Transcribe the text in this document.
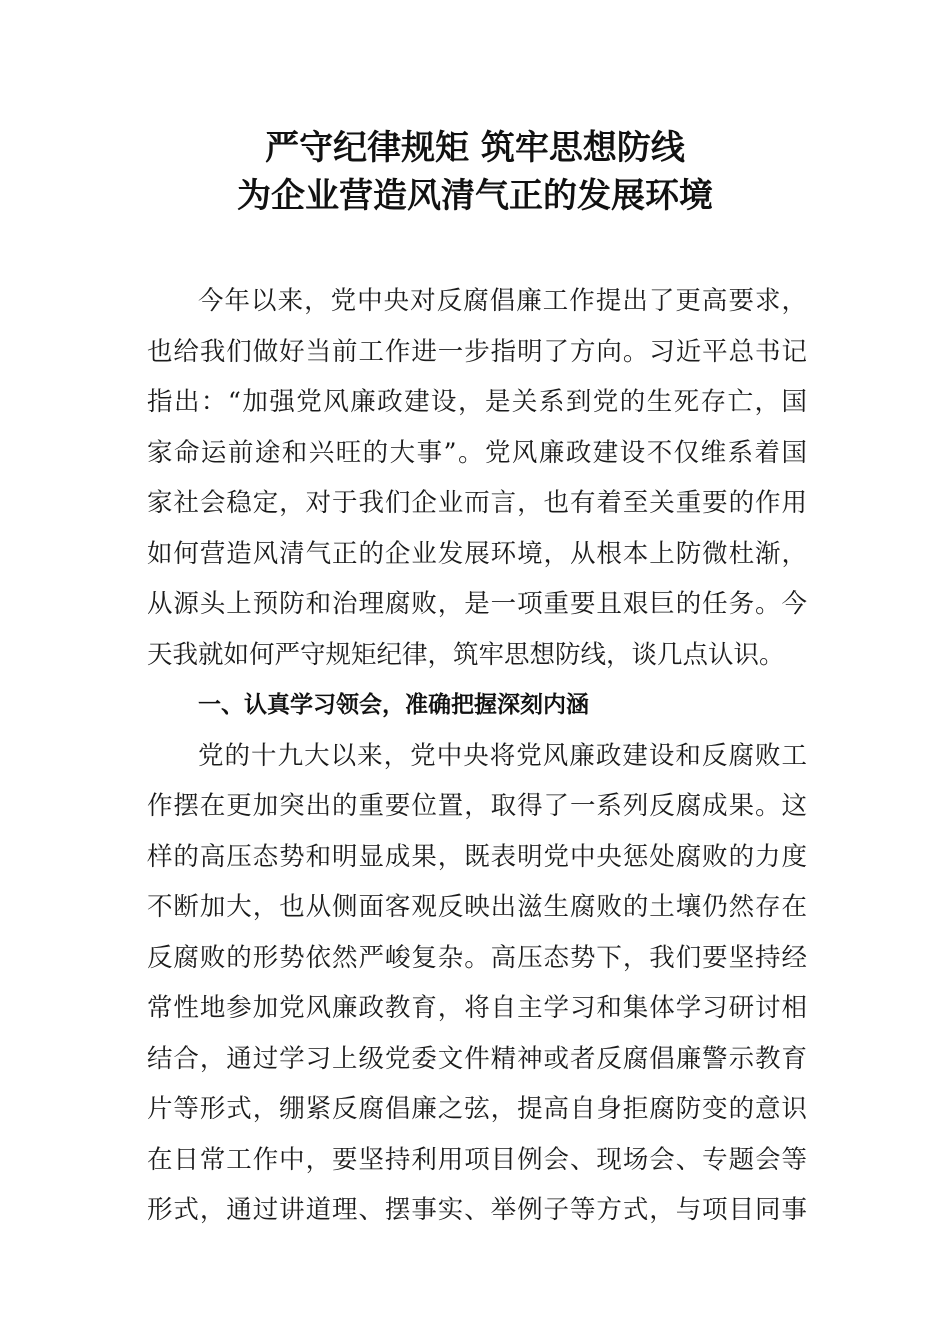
严守纪律规矩 筑牢思想防线
为企业营造风清气正的发展环境
今年以来，党中央对反腐倡廉工作提出了更高要求，
也给我们做好当前工作进一步指明了方向。习近平总书记
指出：“加强党风廉政建设，是关系到党的生死存亡，国
家命运前途和兴旺的大事”。党风廉政建设不仅维系着国
家社会稳定，对于我们企业而言，也有着至关重要的作用
如何营造风清气正的企业发展环境，从根本上防微杜渐，
从源头上预防和治理腐败，是一项重要且艰巨的任务。今
天我就如何严守规矩纪律，筑牢思想防线，谈几点认识。
一、认真学习领会，准确把握深刻内涵
党的十九大以来，党中央将党风廉政建设和反腐败工
作摆在更加突出的重要位置，取得了一系列反腐成果。这
样的高压态势和明显成果，既表明党中央惩处腐败的力度
不断加大，也从侧面客观反映出滋生腐败的土壤仍然存在
反腐败的形势依然严峻复杂。高压态势下，我们要坚持经
常性地参加党风廉政教育，将自主学习和集体学习研讨相
结合，通过学习上级党委文件精神或者反腐倡廉警示教育
片等形式，绷紧反腐倡廉之弦，提高自身拒腐防变的意识
在日常工作中，要坚持利用项目例会、现场会、专题会等
形式，通过讲道理、摆事实、举例子等方式，与项目同事
